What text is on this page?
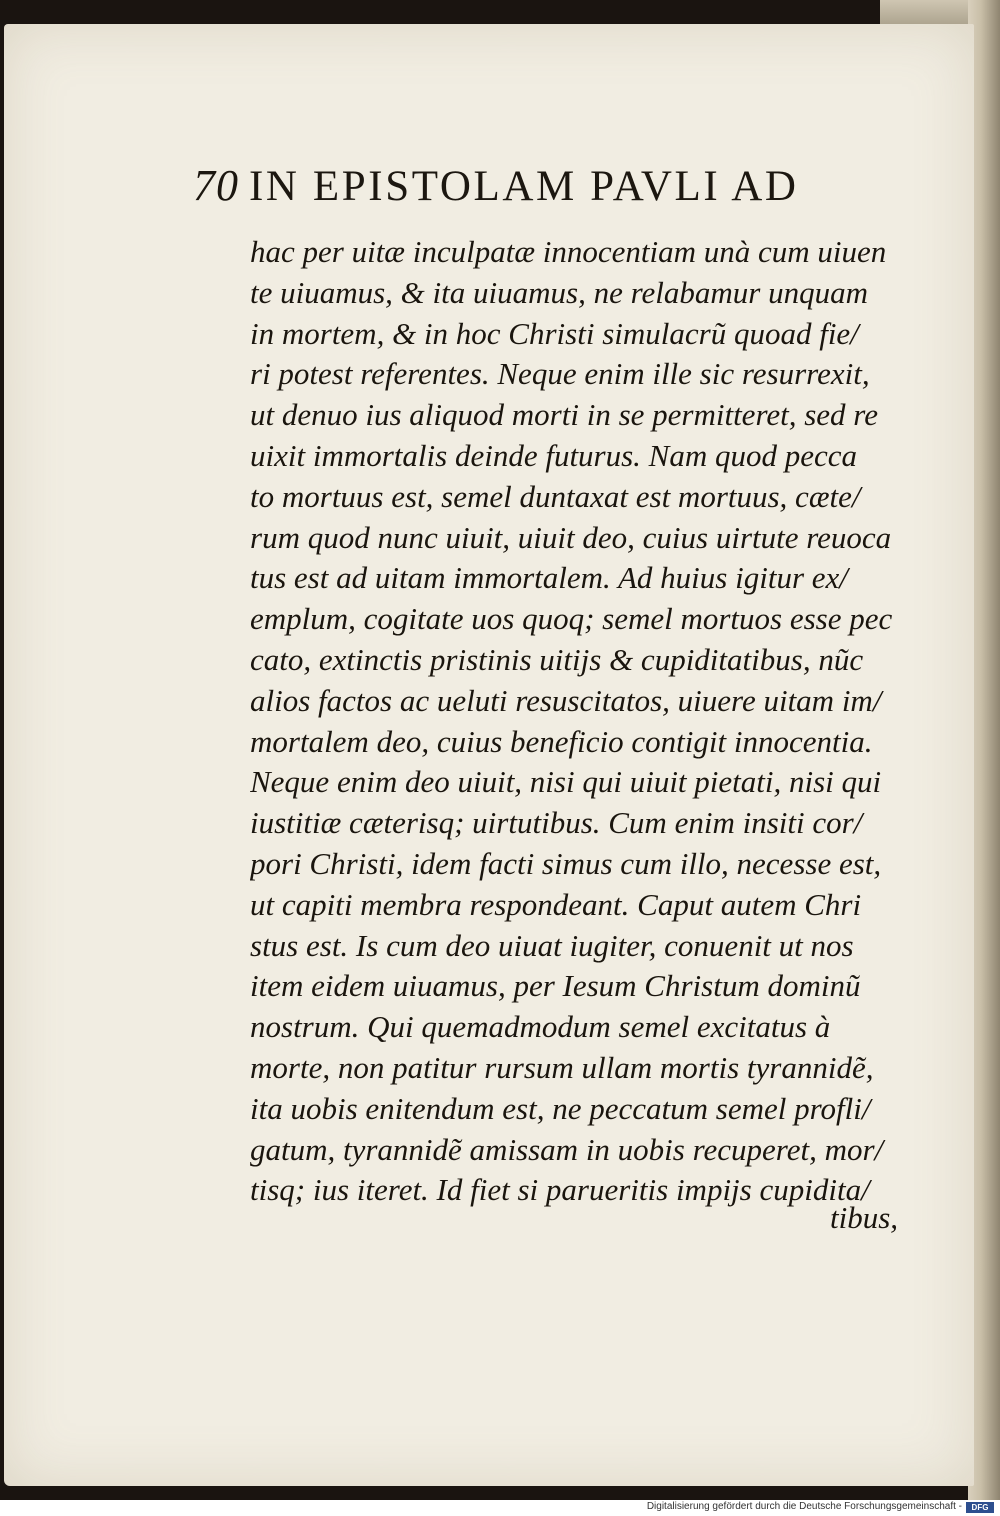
70 IN EPISTOLAM PAVLI AD
hac per uitæ inculpatæ innocentiam unà cum uiuen
te uiuamus, & ita uiuamus, ne relabamur unquam
in mortem, & in hoc Christi simulacrũ quoad fie/
ri potest referentes. Neque enim ille sic resurrexit,
ut denuo ius aliquod morti in se permitteret, sed re
uixit immortalis deinde futurus. Nam quod pecca
to mortuus est, semel duntaxat est mortuus, cæte/
rum quod nunc uiuit, uiuit deo, cuius uirtute reuoca
tus est ad uitam immortalem. Ad huius igitur ex/
emplum, cogitate uos quoq; semel mortuos esse pec
cato, extinctis pristinis uitijs & cupiditatibus, nũc
alios factos ac ueluti resuscitatos, uiuere uitam im/
mortalem deo, cuius beneficio contigit innocentia.
Neque enim deo uiuit, nisi qui uiuit pietati, nisi qui
iustitiæ cæterisq; uirtutibus. Cum enim insiti cor/
pori Christi, idem facti simus cum illo, necesse est,
ut capiti membra respondeant. Caput autem Chri
stus est. Is cum deo uiuat iugiter, conuenit ut nos
item eidem uiuamus, per Iesum Christum dominũ
nostrum. Qui quemadmodum semel excitatus à
morte, non patitur rursum ullam mortis tyrannidẽ,
ita uobis enitendum est, ne peccatum semel profli/
gatum, tyrannidẽ amissam in uobis recuperet, mor/
tisq; ius iteret. Id fiet si parueritis impijs cupidita/
tibus,
Digitalisierung gefördert durch die Deutsche Forschungsgemeinschaft -	DFG
